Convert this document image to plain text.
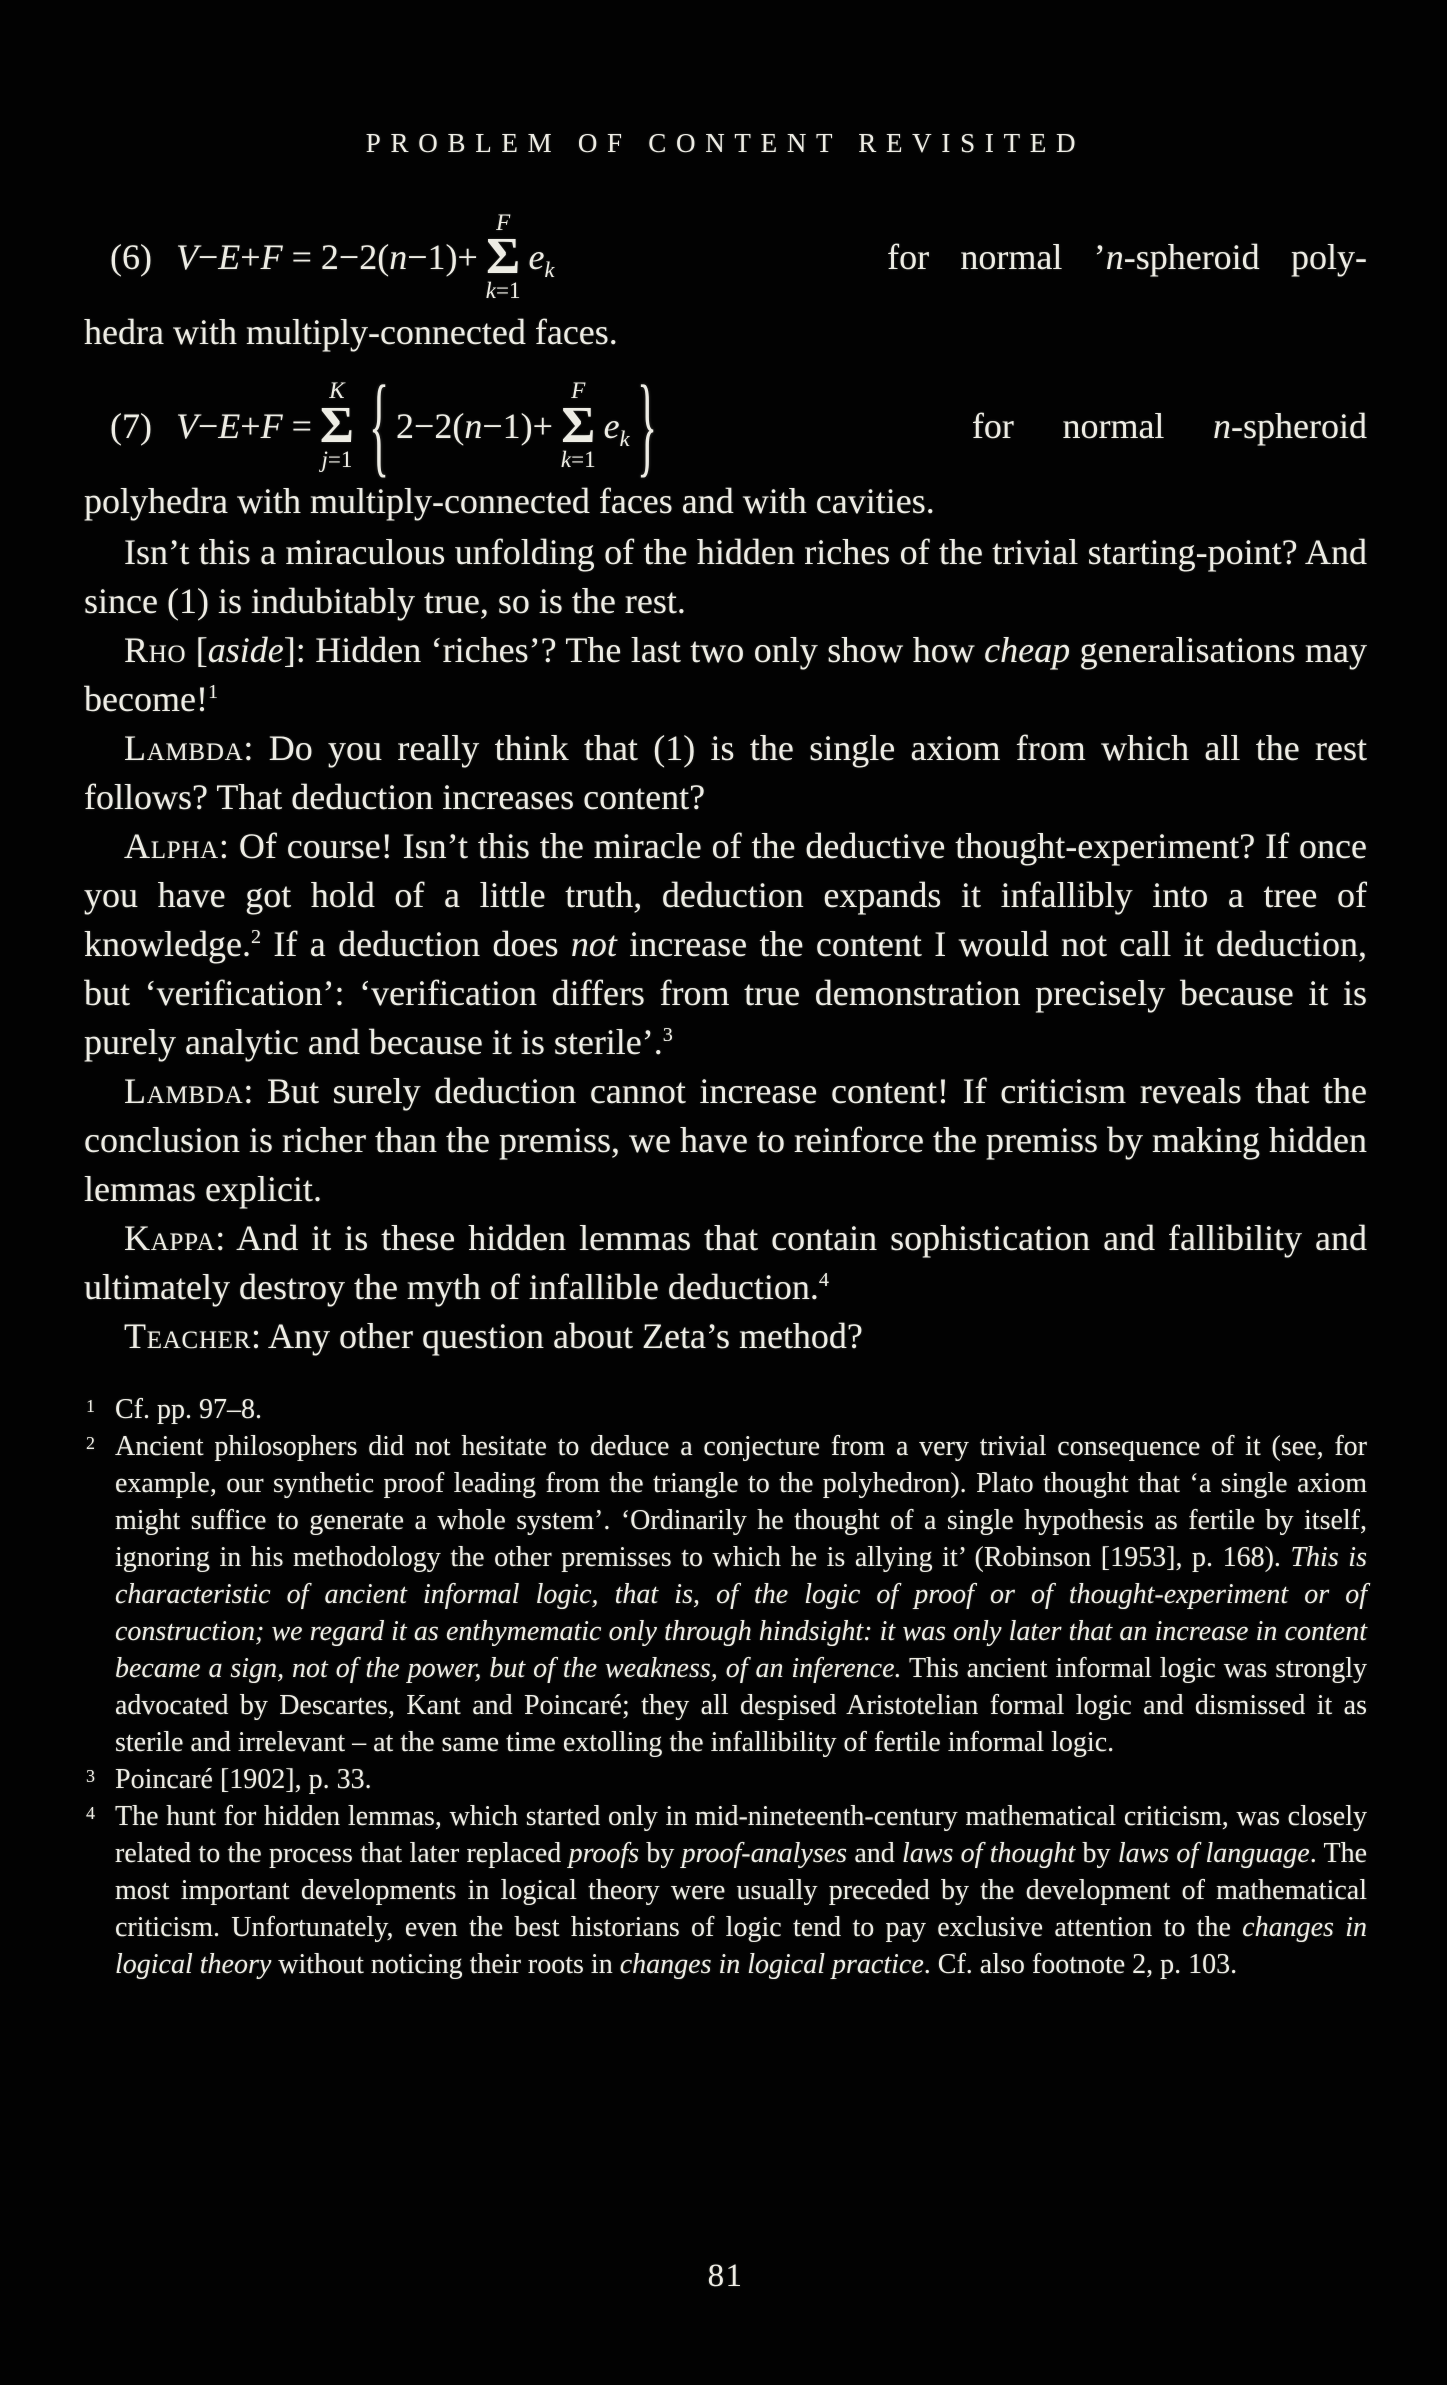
PROBLEM OF CONTENT REVISITED
(6) V−E+F = 2−2(n−1)+
F
Σ
k=1
$e_k$	for normal ’n-spheroid poly-
hedra with multiply-connected faces.
(7) V−E+F =
K
Σ
j=1 { 2−2(n−1)+
F
Σ
k=1
$e_k$ }	for normal n-spheroid
polyhedra with multiply-connected faces and with cavities.

Isn’t this a miraculous unfolding of the hidden riches of the trivial starting-point? And since (1) is indubitably true, so is the rest.

Rho [aside]: Hidden ‘riches’? The last two only show how cheap generalisations may become!$^1$

Lambda: Do you really think that (1) is the single axiom from which all the rest follows? That deduction increases content?

Alpha: Of course! Isn’t this the miracle of the deductive thought-experiment? If once you have got hold of a little truth, deduction expands it infallibly into a tree of knowledge.$^2$ If a deduction does not increase the content I would not call it deduction, but ‘verification’: ‘verification differs from true demonstration precisely because it is purely analytic and because it is sterile’.$^3$

Lambda: But surely deduction cannot increase content! If criticism reveals that the conclusion is richer than the premiss, we have to reinforce the premiss by making hidden lemmas explicit.

Kappa: And it is these hidden lemmas that contain sophistication and fallibility and ultimately destroy the myth of infallible deduction.$^4$

Teacher: Any other question about Zeta’s method?

1 Cf. pp. 97–8.
2 Ancient philosophers did not hesitate to deduce a conjecture from a very trivial consequence of it (see, for example, our synthetic proof leading from the triangle to the polyhedron). Plato thought that ‘a single axiom might suffice to generate a whole system’. ‘Ordinarily he thought of a single hypothesis as fertile by itself, ignoring in his methodology the other premisses to which he is allying it’ (Robinson [1953], p. 168). This is characteristic of ancient informal logic, that is, of the logic of proof or of thought-experiment or of construction; we regard it as enthymematic only through hindsight: it was only later that an increase in content became a sign, not of the power, but of the weakness, of an inference. This ancient informal logic was strongly advocated by Descartes, Kant and Poincaré; they all despised Aristotelian formal logic and dismissed it as sterile and irrelevant – at the same time extolling the infallibility of fertile informal logic.
3 Poincaré [1902], p. 33.
4 The hunt for hidden lemmas, which started only in mid-nineteenth-century mathematical criticism, was closely related to the process that later replaced proofs by proof-analyses and laws of thought by laws of language. The most important developments in logical theory were usually preceded by the development of mathematical criticism. Unfortunately, even the best historians of logic tend to pay exclusive attention to the changes in logical theory without noticing their roots in changes in logical practice. Cf. also footnote 2, p. 103.
81
